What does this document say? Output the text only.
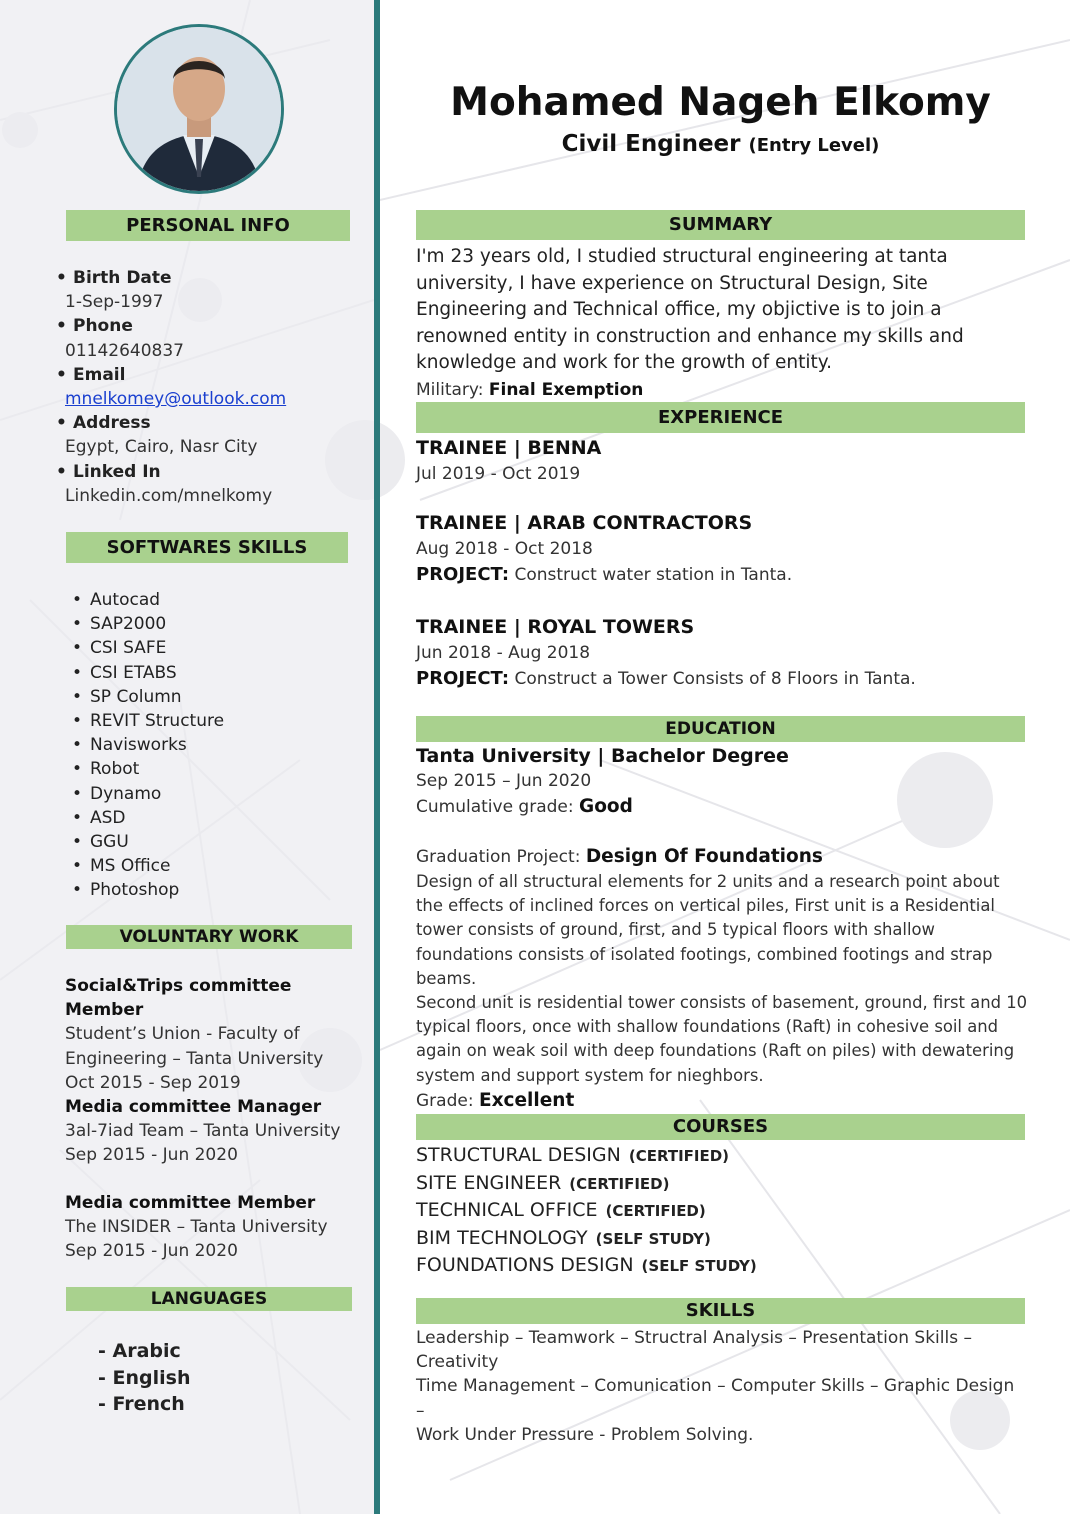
PERSONAL INFO
• Birth Date
1-Sep-1997
• Phone
01142640837
• Email
mnelkomey@outlook.com
• Address
Egypt, Cairo, Nasr City
• Linked In
Linkedin.com/mnelkomy
SOFTWARES SKILLS
• Autocad
• SAP2000
• CSI SAFE
• CSI ETABS
• SP Column
• REVIT Structure
• Navisworks
• Robot
• Dynamo
• ASD
• GGU
• MS Office
• Photoshop
VOLUNTARY WORK
Social&Trips committee Member
Student’s Union - Faculty of
Engineering – Tanta University
Oct 2015 - Sep 2019
Media committee Manager
3al-7iad Team – Tanta University
Sep 2015 - Jun 2020
Media committee Member
The INSIDER – Tanta University
Sep 2015 - Jun 2020
LANGUAGES
- Arabic
- English
- French
Mohamed Nageh Elkomy
Civil Engineer (Entry Level)
SUMMARY
I'm 23 years old, I studied structural engineering at tanta university, I have experience on Structural Design, Site Engineering and Technical office, my objictive is to join a renowned entity in construction and enhance my skills and knowledge and work for the growth of entity.
Military: Final Exemption
EXPERIENCE
TRAINEE | BENNA
Jul 2019 - Oct 2019
TRAINEE | ARAB CONTRACTORS
Aug 2018 - Oct 2018
PROJECT: Construct water station in Tanta.
TRAINEE | ROYAL TOWERS
Jun 2018 - Aug 2018
PROJECT: Construct a Tower Consists of 8 Floors in Tanta.
EDUCATION
Tanta University | Bachelor Degree
Sep 2015 – Jun 2020
Cumulative grade: Good
Graduation Project: Design Of Foundations
Design of all structural elements for 2 units and a research point about the effects of inclined forces on vertical piles, First unit is a Residential tower consists of ground, first, and 5 typical floors with shallow foundations consists of isolated footings, combined footings and strap beams.
Second unit is residential tower consists of basement, ground, first and 10 typical floors, once with shallow foundations (Raft) in cohesive soil and again on weak soil with deep foundations (Raft on piles) with dewatering system and support system for nieghbors.
Grade: Excellent
COURSES
STRUCTURAL DESIGN (CERTIFIED)
SITE ENGINEER (CERTIFIED)
TECHNICAL OFFICE (CERTIFIED)
BIM TECHNOLOGY (SELF STUDY)
FOUNDATIONS DESIGN (SELF STUDY)
SKILLS
Leadership – Teamwork – Structral Analysis – Presentation Skills – Creativity
Time Management – Comunication – Computer Skills – Graphic Design –
Work Under Pressure - Problem Solving.
